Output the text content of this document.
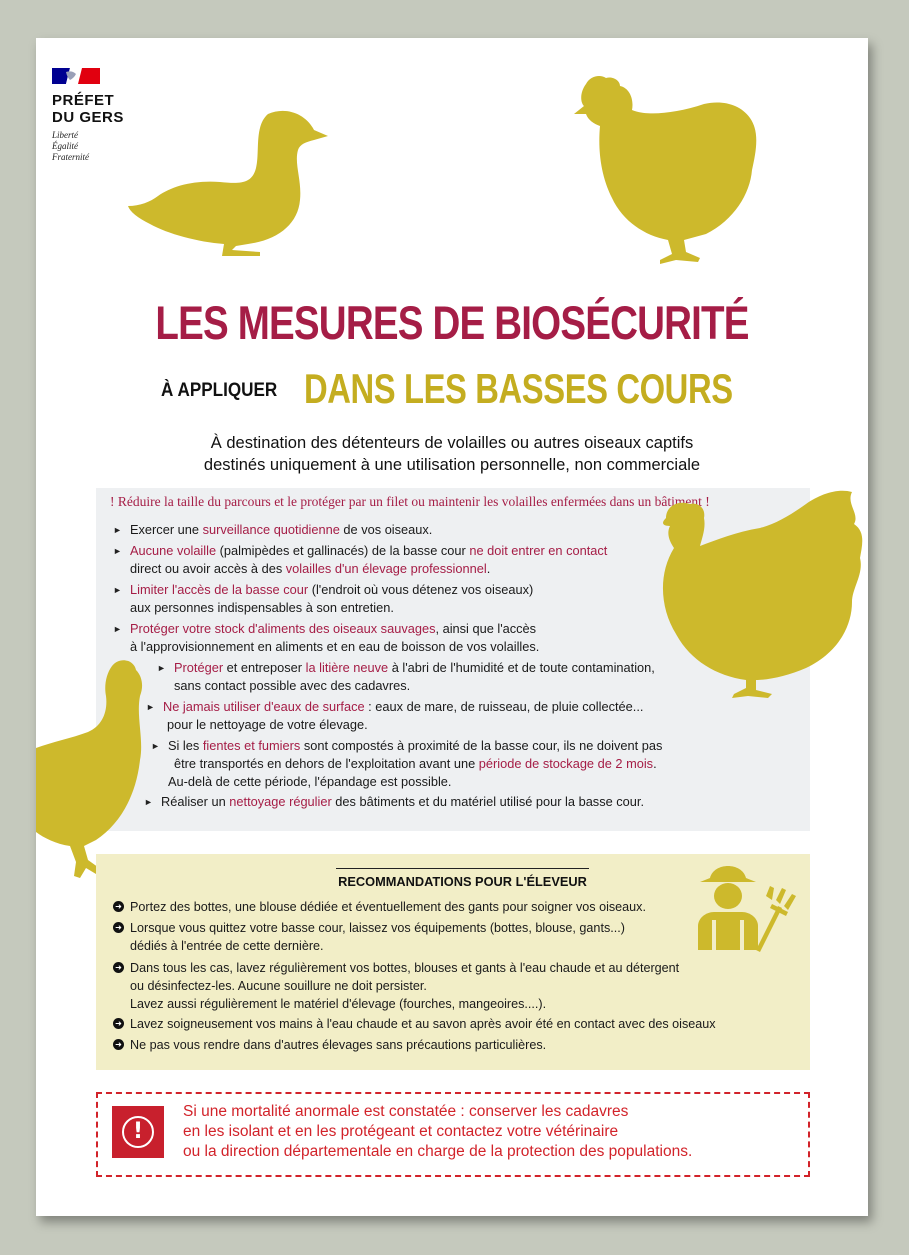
PRÉFET
DU GERS
Liberté
Égalité
Fraternité
LES MESURES DE BIOSÉCURITÉ
À APPLIQUER DANS LES BASSES COURS
À destination des détenteurs de volailles ou autres oiseaux captifs
destinés uniquement à une utilisation personnelle, non commerciale
! Réduire la taille du parcours et le protéger par un filet ou maintenir les volailles enfermées dans un bâtiment !
► Exercer une surveillance quotidienne de vos oiseaux.
► Aucune volaille (palmipèdes et gallinacés) de la basse cour ne doit entrer en contact
direct ou avoir accès à des volailles d'un élevage professionnel.
► Limiter l'accès de la basse cour (l'endroit où vous détenez vos oiseaux)
aux personnes indispensables à son entretien.
► Protéger votre stock d'aliments des oiseaux sauvages, ainsi que l'accès
à l'approvisionnement en aliments et en eau de boisson de vos volailles.
► Protéger et entreposer la litière neuve à l'abri de l'humidité et de toute contamination,
sans contact possible avec des cadavres.
► Ne jamais utiliser d'eaux de surface : eaux de mare, de ruisseau, de pluie collectée...
pour le nettoyage de votre élevage.
► Si les fientes et fumiers sont compostés à proximité de la basse cour, ils ne doivent pas
être transportés en dehors de l'exploitation avant une période de stockage de 2 mois.
Au-delà de cette période, l'épandage est possible.
► Réaliser un nettoyage régulier des bâtiments et du matériel utilisé pour la basse cour.
RECOMMANDATIONS POUR L'ÉLEVEUR
➜ Portez des bottes, une blouse dédiée et éventuellement des gants pour soigner vos oiseaux.
➜ Lorsque vous quittez votre basse cour, laissez vos équipements (bottes, blouse, gants...)
dédiés à l'entrée de cette dernière.
➜ Dans tous les cas, lavez régulièrement vos bottes, blouses et gants à l'eau chaude et au détergent
ou désinfectez-les. Aucune souillure ne doit persister.
Lavez aussi régulièrement le matériel d'élevage (fourches, mangeoires....).
➜ Lavez soigneusement vos mains à l'eau chaude et au savon après avoir été en contact avec des oiseaux
➜ Ne pas vous rendre dans d'autres élevages sans précautions particulières.
!
Si une mortalité anormale est constatée : conserver les cadavres
en les isolant et en les protégeant et contactez votre vétérinaire
ou la direction départementale en charge de la protection des populations.
